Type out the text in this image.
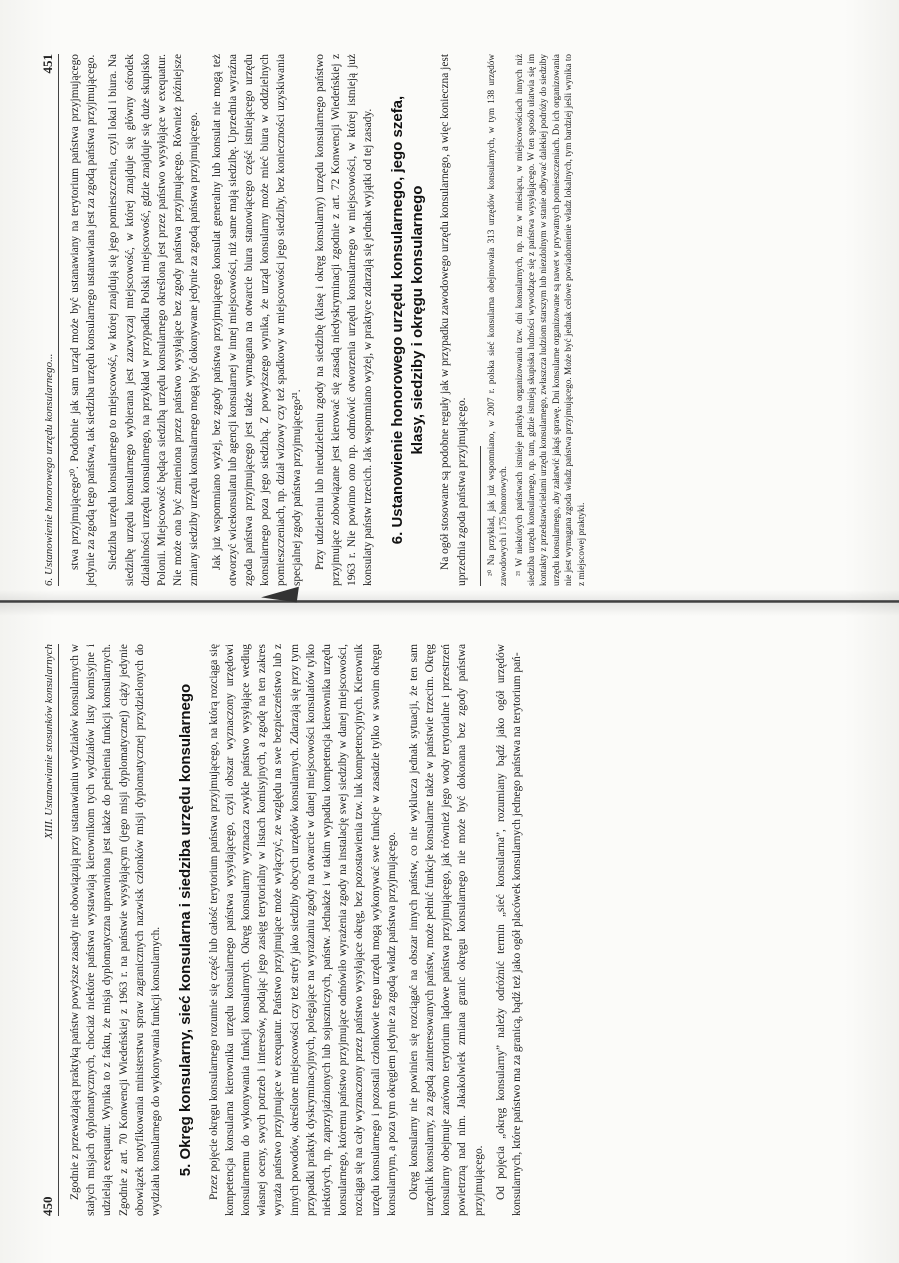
6. Ustanowienie honorowego urzędu konsularnego...
451 stwa przyjmującego²⁰. Podobnie jak sam urząd może być ustanawiany na terytorium państwa przyjmującego jedynie za zgodą tego państwa, tak siedziba urzędu konsularnego ustanawiana jest za zgodą państwa przyjmującego. Siedziba urzędu konsularnego to miejscowość, w której znajdują się jego pomieszczenia, czyli lokal i biura. Na siedzibę urzędu konsularnego wybierana jest zazwyczaj miejscowość, w której znajduje się główny ośrodek działalności urzędu konsularnego, na przykład w przypadku Polski miejscowość, gdzie znajduje się duże skupisko Polonii. Miejscowość będąca siedzibą urzędu konsularnego określona jest przez państwo wysyłające w exequatur. Nie może ona być zmieniona przez państwo wysyłające bez zgody państwa przyjmującego. Również późniejsze zmiany siedziby urzędu konsularnego mogą być dokonywane jedynie za zgodą państwa przyjmującego. Jak już wspomniano wyżej, bez zgody państwa przyjmującego konsulat generalny lub konsulat nie mogą też otworzyć wicekonsulatu lub agencji konsularnej w innej miejscowości, niż same mają siedzibę. Uprzednia wyraźna zgoda państwa przyjmującego jest także wymagana na otwarcie biura stanowiącego część istniejącego urzędu konsularnego poza jego siedzibą. Z powyższego wynika, że urząd konsularny może mieć biura w oddzielnych pomieszczeniach, np. dział wizowy czy też spadkowy w miejscowości jego siedziby, bez konieczności uzyskiwania specjalnej zgody państwa przyjmującego²¹. Przy udzieleniu lub nieudzieleniu zgody na siedzibę (klasę i okręg konsularny) urzędu konsularnego państwo przyjmujące zobowiązane jest kierować się zasadą niedyskryminacji zgodnie z art. 72 Konwencji Wiedeńskiej z 1963 r. Nie powinno ono np. odmówić otworzenia urzędu konsularnego w miejscowości, w której istnieją już konsulaty państw trzecich. Jak wspomniano wyżej, w praktyce zdarzają się jednak wyjątki od tej zasady. 6. Ustanowienie honorowego urzędu konsularnego, jego szefa, klasy, siedziby i okręgu konsularnego Na ogół stosowane są podobne reguły jak w przypadku zawodowego urzędu konsularnego, a więc konieczna jest uprzednia zgoda państwa przyjmującego. ²⁰ Na przykład, jak już wspomniano, w 2007 r. polska sieć konsularna obejmowała 313 urzędów konsularnych, w tym 138 urzędów zawodowych i 175 honorowych. ²¹ W niektórych państwach istnieje praktyka organizowania tzw. dni konsularnych, np. raz w miesiącu, w miejscowościach innych niż siedziba urzędu konsularnego, np. tam, gdzie istnieją skupiska ludności wywodzące się z państwa wysyłającego. W ten sposób ułatwia się im kontakty z przedstawicielami urzędu konsularnego, zwłaszcza ludziom starszym lub niezdolnym w stanie odbywać dalekiej podróży do siedziby urzędu konsularnego, aby załatwić jakąś sprawę. Dni konsularne organizowane są nawet w prywatnych pomieszczeniach. Do ich organizowania nie jest wymagana zgoda władz państwa przyjmującego. Może być jednak celowe powiadomienie władz lokalnych, tym bardziej jeśli wynika to z miejscowej praktyki.

450
XIII. Ustanawianie stosunków konsularnych Zgodnie z przeważającą praktyką państw powyższe zasady nie obowiązują przy ustanawianiu wydziałów konsularnych w stałych misjach dyplomatycznych, chociaż niektóre państwa wystawiają kierownikom tych wydziałów listy komisyjne i udzielają exequatur. Wynika to z faktu, że misja dyplomatyczna uprawniona jest także do pełnienia funkcji konsularnych. Zgodnie z art. 70 Konwencji Wiedeńskiej z 1963 r. na państwie wysyłającym (jego misji dyplomatycznej) ciąży jedynie obowiązek notyfikowania ministerstwu spraw zagranicznych nazwisk członków misji dyplomatycznej przydzielonych do wydziału konsularnego do wykonywania funkcji konsularnych. 5. Okręg konsularny, sieć konsularna i siedziba urzędu konsularnego Przez pojęcie okręgu konsularnego rozumie się część lub całość terytorium państwa przyjmującego, na którą rozciąga się kompetencja konsularna kierownika urzędu konsularnego państwa wysyłającego, czyli obszar wyznaczony urzędowi konsularnemu do wykonywania funkcji konsularnych. Okręg konsularny wyznacza zwykle państwo wysyłające według własnej oceny, swych potrzeb i interesów, podając jego zasięg terytorialny w listach komisyjnych, a zgodę na ten zakres wyraża państwo przyjmujące w exequatur. Państwo przyjmujące może wyłączyć, ze względu na swe bezpieczeństwo lub z innych powodów, określone miejscowości czy też strefy jako siedziby obcych urzędów konsularnych. Zdarzają się przy tym przypadki praktyk dyskryminacyjnych, polegające na wyrażaniu zgody na otwarcie w danej miejscowości konsulatów tylko niektórych, np. zaprzyjaźnionych lub sojuszniczych, państw. Jednakże i w takim wypadku kompetencja kierownika urzędu konsularnego, któremu państwo przyjmujące odmówiło wyrażenia zgody na instalację swej siedziby w danej miejscowości, rozciąga się na cały wyznaczony przez państwo wysyłające okręg, bez pozostawienia tzw. luk kompetencyjnych. Kierownik urzędu konsularnego i pozostali członkowie tego urzędu mogą wykonywać swe funkcje w zasadzie tylko w swoim okręgu konsularnym, a poza tym okręgiem jedynie za zgodą władz państwa przyjmującego. Okręg konsularny nie powinien się rozciągać na obszar innych państw, co nie wyklucza jednak sytuacji, że ten sam urzędnik konsularny, za zgodą zainteresowanych państw, może pełnić funkcje konsularne także w państwie trzecim. Okręg konsularny obejmuje zarówno terytorium lądowe państwa przyjmującego, jak również jego wody terytorialne i przestrzeń powietrzną nad nim. Jakakolwiek zmiana granic okręgu konsularnego nie może być dokonana bez zgody państwa przyjmującego. Od pojęcia „okręg konsularny” należy odróżnić termin „sieć konsularna”, rozumiany bądź jako ogół urzędów konsularnych, które państwo ma za granicą, bądź też jako ogół placówek konsularnych jednego państwa na terytorium pań-
